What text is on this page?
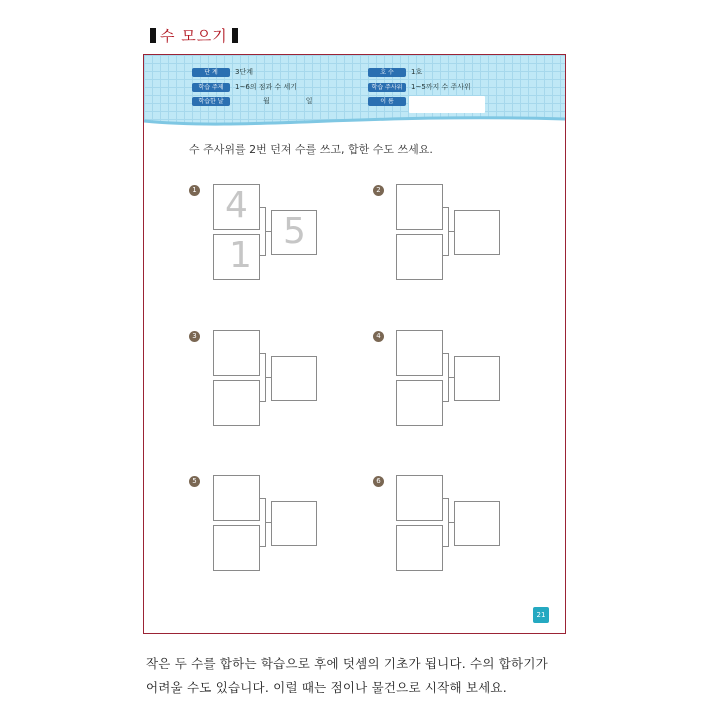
수 모으기
단 계	3단계
학습 주제	1~6의 점과 수 세기
학습한 날	월	일
호 수	1호
학습 주사위	1~5까지 수 주사위
이 름
수 주사위를 2번 던져 수를 쓰고, 합한 수도 쓰세요.
1 4
1
5
2
3	4
5	6
21
작은 두 수를 합하는 학습으로 후에 덧셈의 기초가 됩니다. 수의 합하기가
어려울 수도 있습니다. 이럴 때는 점이나 물건으로 시작해 보세요.
